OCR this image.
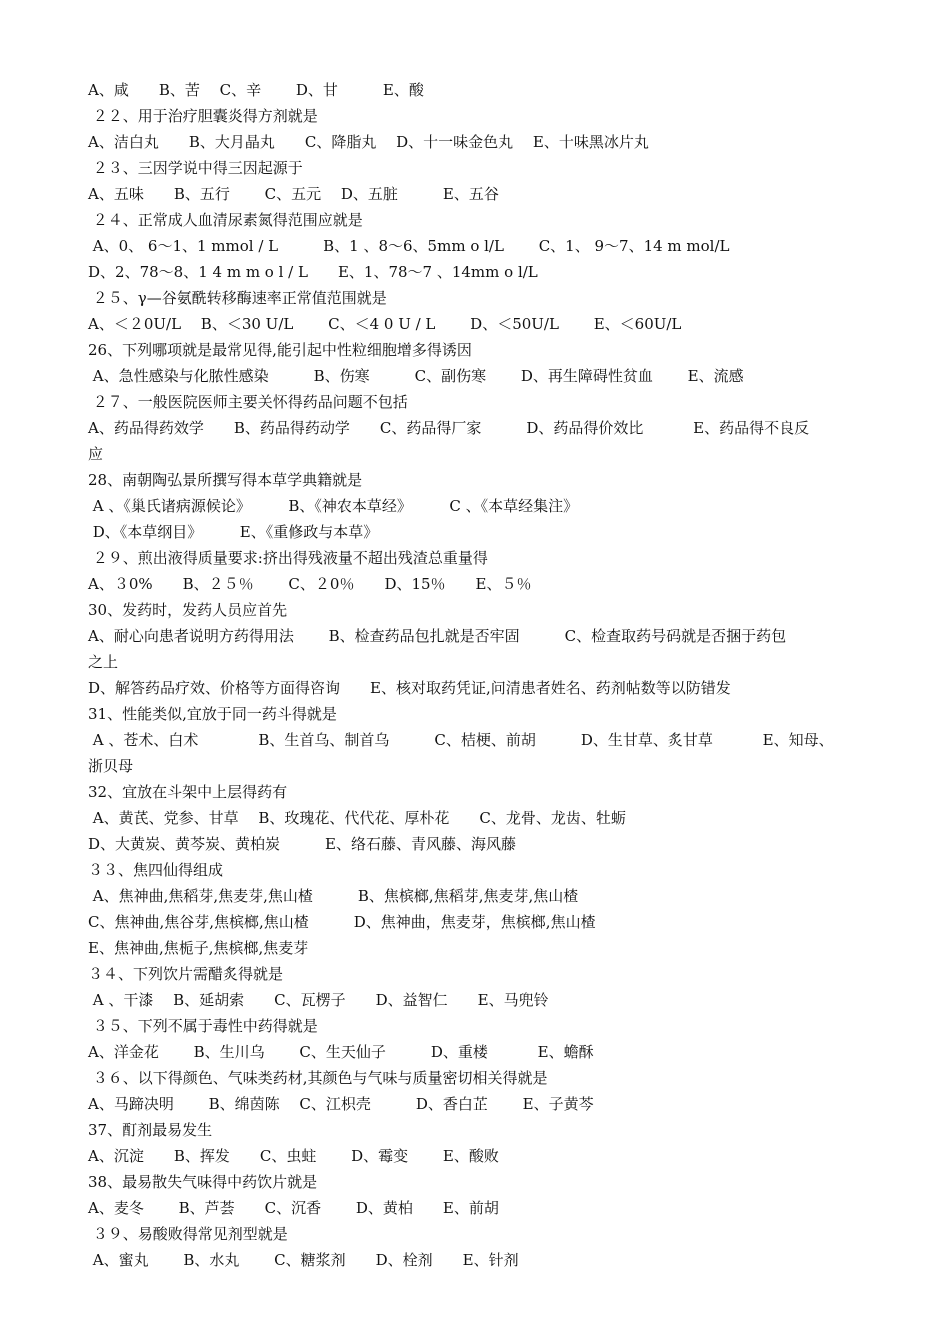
A、咸　　B、苦　 C、辛　　 D、甘　　　E、酸
２２、用于治疗胆囊炎得方剂就是
A、洁白丸　　B、大月晶丸　　C、降脂丸　 D、十一味金色丸　 E、十味黑冰片丸
２３、三因学说中得三因起源于
A、五味　　B、五行　　 C、五元　 D、五脏　　　E、五谷
２４、正常成人血清尿素氮得范围应就是
A、0、 6～1、1 mmol / L　　　B、1 、8～6、5mm o l/L　　 C、1、 9～7、14 m mol/L
D、2、78～8、1 4 m m o l / L　　E、1、78～7 、14mm o l/L
２５、γ—谷氨酰转移酶速率正常值范围就是
A、＜２0U/L　 B、＜30 U/L　　 C、＜4 0 U / L　　 D、＜50U/L　　 E、＜60U/L
26、下列哪项就是最常见得,能引起中性粒细胞增多得诱因
A、急性感染与化脓性感染　　　B、伤寒　　　C、副伤寒　　 D、再生障碍性贫血　　 E、流感
２７、一般医院医师主要关怀得药品问题不包括
A、药品得药效学　　B、药品得药动学　　C、药品得厂家　　　D、药品得价效比　　　 E、药品得不良反
应
28、南朝陶弘景所撰写得本草学典籍就是
A 、《巢氏诸病源候论》　　　B、《神农本草经》　　　C 、《本草经集注》
D、《本草纲目》　　　E、《重修政与本草》
２９、煎出液得质量要求:挤出得残液量不超出残渣总重量得
A、３0%　　B、２５％　　 C、２0％　　D、15％　　E、５％
30、发药时，发药人员应首先
A、耐心向患者说明方药得用法　　 B、检查药品包扎就是否牢固　　　C、检查取药号码就是否捆于药包
之上
D、解答药品疗效、价格等方面得咨询　　E、核对取药凭证,问清患者姓名、药剂帖数等以防错发
31、性能类似,宜放于同一药斗得就是
A 、苍术、白术　　　　B、生首乌、制首乌　　　C、桔梗、前胡　　　D、生甘草、炙甘草　　　 E、知母、
浙贝母
32、宜放在斗架中上层得药有
A、黄芪、党参、甘草　 B、玫瑰花、代代花、厚朴花　　C、龙骨、龙齿、牡蛎
D、大黄炭、黄芩炭、黄柏炭　　　E、络石藤、青风藤、海风藤
３３、焦四仙得组成
A、焦神曲,焦稻芽,焦麦芽,焦山楂　　　B、焦槟榔,焦稻芽,焦麦芽,焦山楂
C、焦神曲,焦谷芽,焦槟榔,焦山楂　　　D、焦神曲，焦麦芽，焦槟榔,焦山楂
E、焦神曲,焦栀子,焦槟榔,焦麦芽
３４、下列饮片需醋炙得就是
A 、干漆　 B、延胡索　　C、瓦楞子　　D、益智仁　　E、马兜铃
３５、下列不属于毒性中药得就是
A、洋金花　　 B、生川乌　　 C、生天仙子　　　D、重楼　　　 E、蟾酥
３６、以下得颜色、气味类药材,其颜色与气味与质量密切相关得就是
A、马蹄决明　　 B、绵茵陈　 C、江枳壳　　　D、香白芷　　 E、子黄芩
37、酊剂最易发生
A、沉淀　　B、挥发　　C、虫蛀　　 D、霉变　　 E、酸败
38、最易散失气味得中药饮片就是
A、麦冬　　 B、芦荟　　C、沉香　　 D、黄柏　　E、前胡
３９、易酸败得常见剂型就是
A、蜜丸　　 B、水丸　　 C、糖浆剂　　D、栓剂　　E、针剂
